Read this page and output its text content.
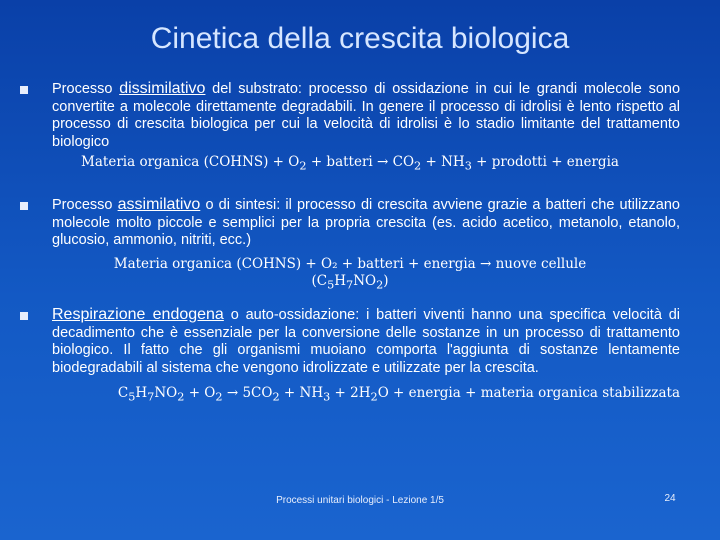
Cinetica della crescita biologica
Processo dissimilativo del substrato: processo di ossidazione in cui le grandi molecole sono convertite a molecole direttamente degradabili. In genere il processo di idrolisi è lento rispetto al processo di crescita biologica per cui la velocità di idrolisi è lo stadio limitante del trattamento biologico
Materia organica (COHNS) + $O_2$ + batteri → $CO_2 + NH_3$ + prodotti + energia
Processo assimilativo o di sintesi: il processo di crescita avviene grazie a batteri che utilizzano molecole molto piccole e semplici per la propria crescita (es. acido acetico, metanolo, etanolo, glucosio, ammonio, nitriti, ecc.)
Materia organica (COHNS) + O₂ + batteri + energia → nuove cellule
$(C_5H_7NO_2)$
Respirazione endogena o auto-ossidazione: i batteri viventi hanno una specifica velocità di decadimento che è essenziale per la conversione delle sostanze in un processo di trattamento biologico. Il fatto che gli organismi muoiano comporta l'aggiunta di sostanze lentamente biodegradabili al sistema che vengono idrolizzate e utilizzate per la crescita.
$C_5H_7NO_2 + O_2 \to 5CO_2 + NH_3 + 2H_2O$ + energia + materia organica stabilizzata
Processi unitari biologici - Lezione 1/5	24
